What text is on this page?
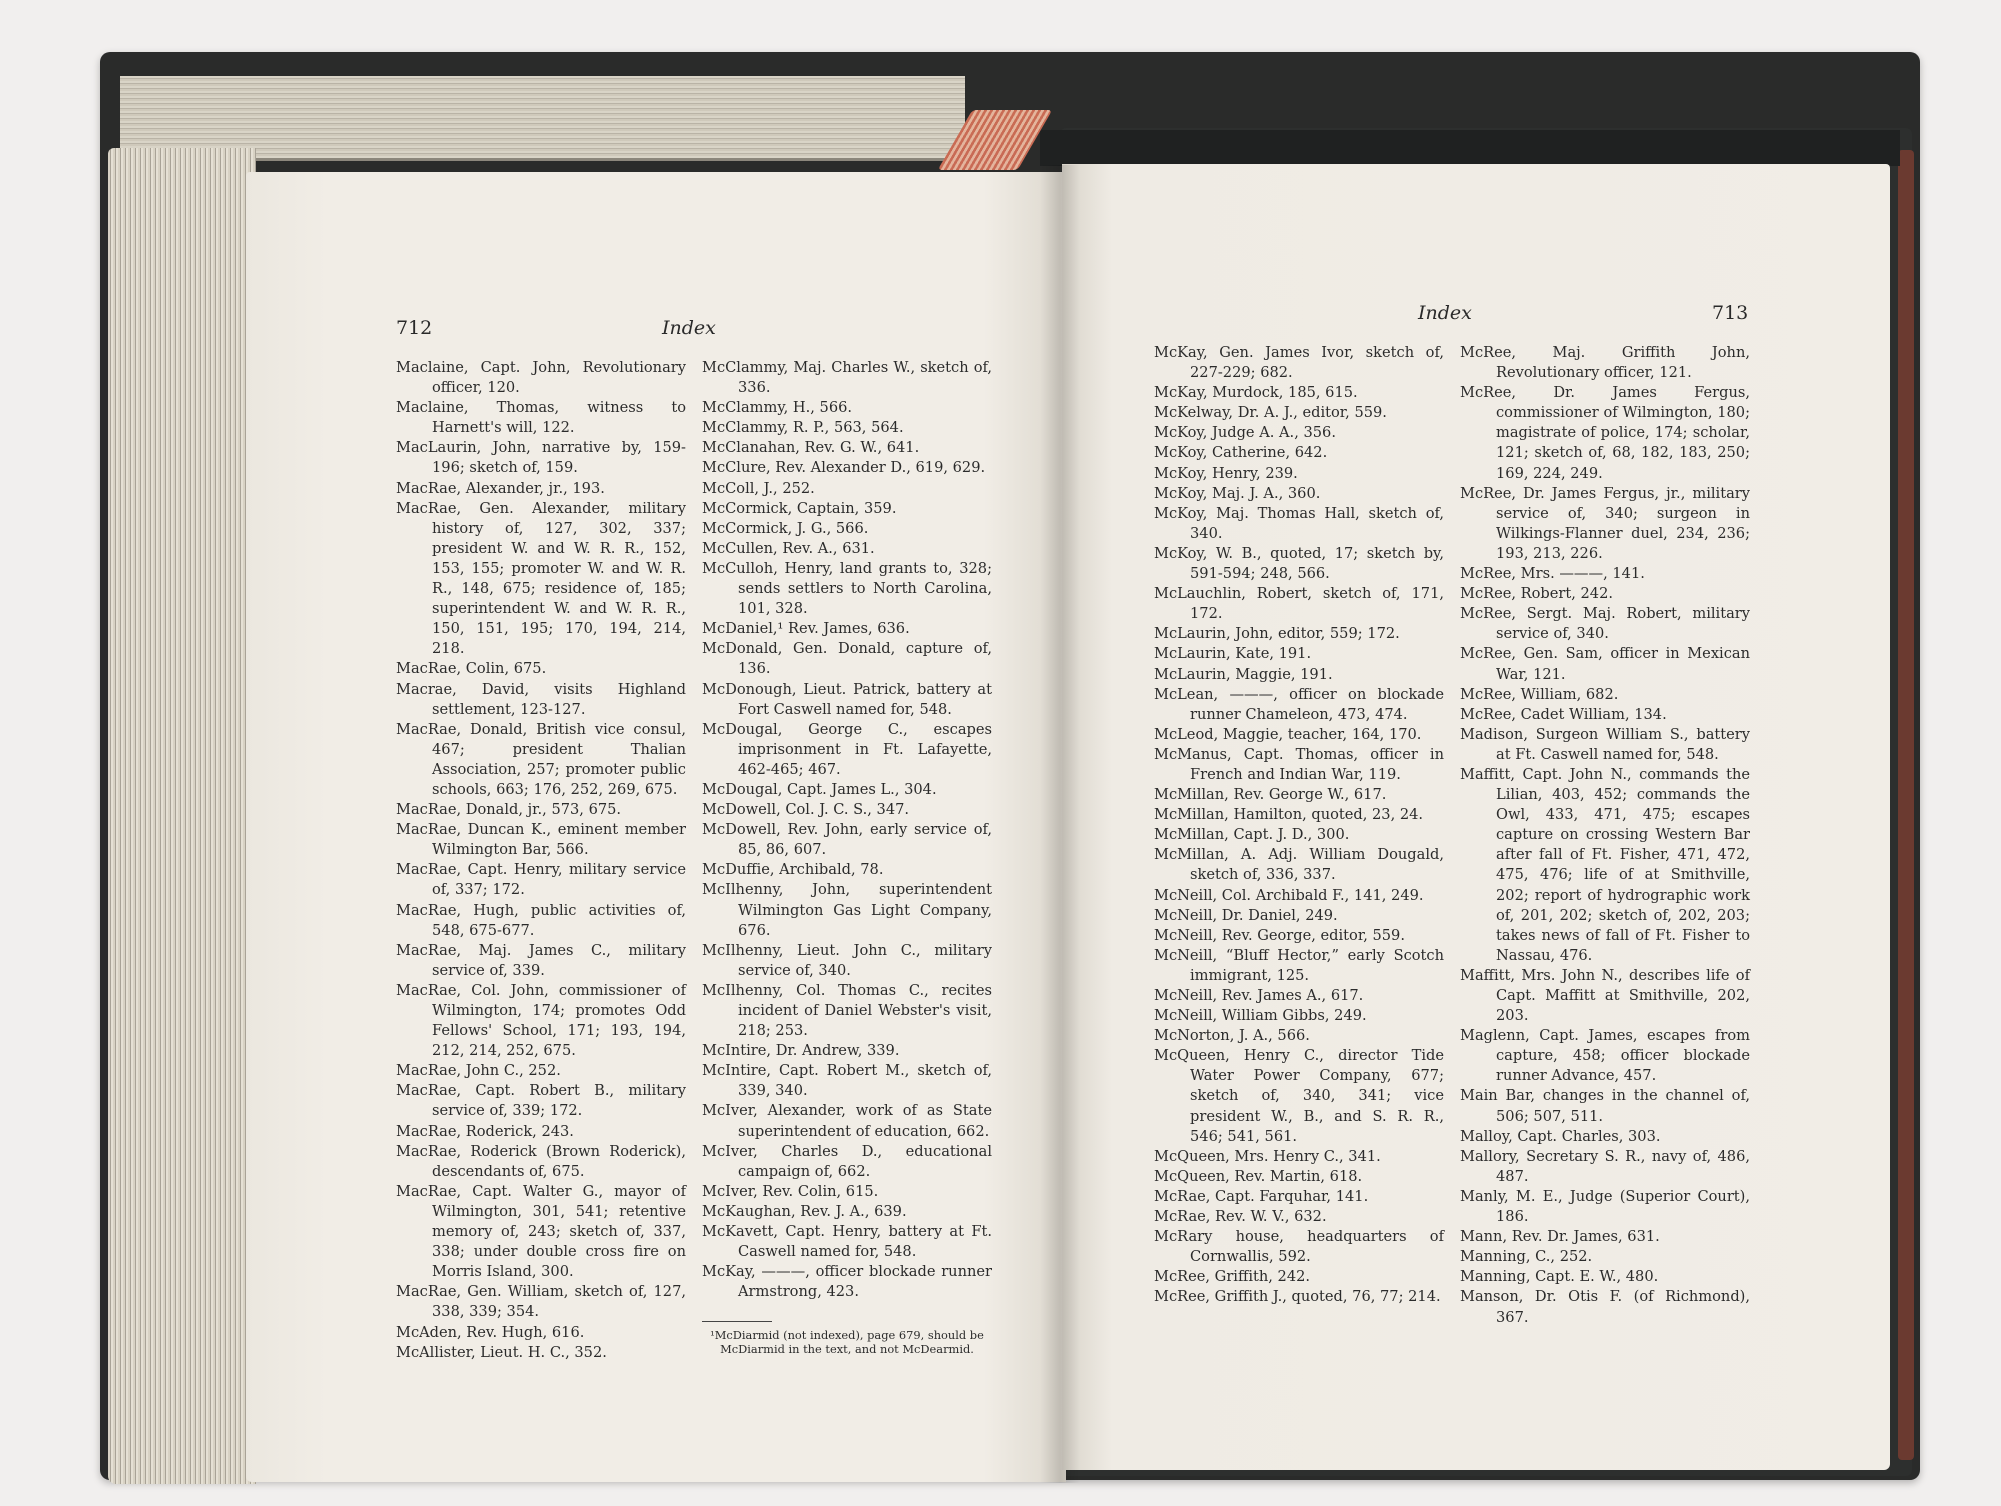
712	Index

Index	713

Maclaine, Capt. John, Revolutionary officer, 120.

Maclaine, Thomas, witness to Harnett's will, 122.

MacLaurin, John, narrative by, 159-196; sketch of, 159.

MacRae, Alexander, jr., 193.

MacRae, Gen. Alexander, military history of, 127, 302, 337; president W. and W. R. R., 152, 153, 155; promoter W. and W. R. R., 148, 675; residence of, 185; superintendent W. and W. R. R., 150, 151, 195; 170, 194, 214, 218.

MacRae, Colin, 675.

Macrae, David, visits Highland settlement, 123-127.

MacRae, Donald, British vice consul, 467; president Thalian Association, 257; promoter public schools, 663; 176, 252, 269, 675.

MacRae, Donald, jr., 573, 675.

MacRae, Duncan K., eminent member Wilmington Bar, 566.

MacRae, Capt. Henry, military service of, 337; 172.

MacRae, Hugh, public activities of, 548, 675-677.

MacRae, Maj. James C., military service of, 339.

MacRae, Col. John, commissioner of Wilmington, 174; promotes Odd Fellows' School, 171; 193, 194, 212, 214, 252, 675.

MacRae, John C., 252.

MacRae, Capt. Robert B., military service of, 339; 172.

MacRae, Roderick, 243.

MacRae, Roderick (Brown Roderick), descendants of, 675.

MacRae, Capt. Walter G., mayor of Wilmington, 301, 541; retentive memory of, 243; sketch of, 337, 338; under double cross fire on Morris Island, 300.

MacRae, Gen. William, sketch of, 127, 338, 339; 354.

McAden, Rev. Hugh, 616.

McAllister, Lieut. H. C., 352.

McClammy, Maj. Charles W., sketch of, 336.

McClammy, H., 566.

McClammy, R. P., 563, 564.

McClanahan, Rev. G. W., 641.

McClure, Rev. Alexander D., 619, 629.

McColl, J., 252.

McCormick, Captain, 359.

McCormick, J. G., 566.

McCullen, Rev. A., 631.

McCulloh, Henry, land grants to, 328; sends settlers to North Carolina, 101, 328.

McDaniel,¹ Rev. James, 636.

McDonald, Gen. Donald, capture of, 136.

McDonough, Lieut. Patrick, battery at Fort Caswell named for, 548.

McDougal, George C., escapes imprisonment in Ft. Lafayette, 462-465; 467.

McDougal, Capt. James L., 304.

McDowell, Col. J. C. S., 347.

McDowell, Rev. John, early service of, 85, 86, 607.

McDuffie, Archibald, 78.

McIlhenny, John, superintendent Wilmington Gas Light Company, 676.

McIlhenny, Lieut. John C., military service of, 340.

McIlhenny, Col. Thomas C., recites incident of Daniel Webster's visit, 218; 253.

McIntire, Dr. Andrew, 339.

McIntire, Capt. Robert M., sketch of, 339, 340.

McIver, Alexander, work of as State superintendent of education, 662.

McIver, Charles D., educational campaign of, 662.

McIver, Rev. Colin, 615.

McKaughan, Rev. J. A., 639.

McKavett, Capt. Henry, battery at Ft. Caswell named for, 548.

McKay, ———, officer blockade runner Armstrong, 423.

McKay, Gen. James Ivor, sketch of, 227-229; 682.

McKay, Murdock, 185, 615.

McKelway, Dr. A. J., editor, 559.

McKoy, Judge A. A., 356.

McKoy, Catherine, 642.

McKoy, Henry, 239.

McKoy, Maj. J. A., 360.

McKoy, Maj. Thomas Hall, sketch of, 340.

McKoy, W. B., quoted, 17; sketch by, 591-594; 248, 566.

McLauchlin, Robert, sketch of, 171, 172.

McLaurin, John, editor, 559; 172.

McLaurin, Kate, 191.

McLaurin, Maggie, 191.

McLean, ———, officer on blockade runner Chameleon, 473, 474.

McLeod, Maggie, teacher, 164, 170.

McManus, Capt. Thomas, officer in French and Indian War, 119.

McMillan, Rev. George W., 617.

McMillan, Hamilton, quoted, 23, 24.

McMillan, Capt. J. D., 300.

McMillan, A. Adj. William Dougald, sketch of, 336, 337.

McNeill, Col. Archibald F., 141, 249.

McNeill, Dr. Daniel, 249.

McNeill, Rev. George, editor, 559.

McNeill, “Bluff Hector,” early Scotch immigrant, 125.

McNeill, Rev. James A., 617.

McNeill, William Gibbs, 249.

McNorton, J. A., 566.

McQueen, Henry C., director Tide Water Power Company, 677; sketch of, 340, 341; vice president W., B., and S. R. R., 546; 541, 561.

McQueen, Mrs. Henry C., 341.

McQueen, Rev. Martin, 618.

McRae, Capt. Farquhar, 141.

McRae, Rev. W. V., 632.

McRary house, headquarters of Cornwallis, 592.

McRee, Griffith, 242.

McRee, Griffith J., quoted, 76, 77; 214.

McRee, Maj. Griffith John, Revolutionary officer, 121.

McRee, Dr. James Fergus, commissioner of Wilmington, 180; magistrate of police, 174; scholar, 121; sketch of, 68, 182, 183, 250; 169, 224, 249.

McRee, Dr. James Fergus, jr., military service of, 340; surgeon in Wilkings-Flanner duel, 234, 236; 193, 213, 226.

McRee, Mrs. ———, 141.

McRee, Robert, 242.

McRee, Sergt. Maj. Robert, military service of, 340.

McRee, Gen. Sam, officer in Mexican War, 121.

McRee, William, 682.

McRee, Cadet William, 134.

Madison, Surgeon William S., battery at Ft. Caswell named for, 548.

Maffitt, Capt. John N., commands the Lilian, 403, 452; commands the Owl, 433, 471, 475; escapes capture on crossing Western Bar after fall of Ft. Fisher, 471, 472, 475, 476; life of at Smithville, 202; report of hydrographic work of, 201, 202; sketch of, 202, 203; takes news of fall of Ft. Fisher to Nassau, 476.

Maffitt, Mrs. John N., describes life of Capt. Maffitt at Smithville, 202, 203.

Maglenn, Capt. James, escapes from capture, 458; officer blockade runner Advance, 457.

Main Bar, changes in the channel of, 506; 507, 511.

Malloy, Capt. Charles, 303.

Mallory, Secretary S. R., navy of, 486, 487.

Manly, M. E., Judge (Superior Court), 186.

Mann, Rev. Dr. James, 631.

Manning, C., 252.

Manning, Capt. E. W., 480.

Manson, Dr. Otis F. (of Richmond), 367.

¹McDiarmid (not indexed), page 679, should be McDiarmid in the text, and not McDearmid.
